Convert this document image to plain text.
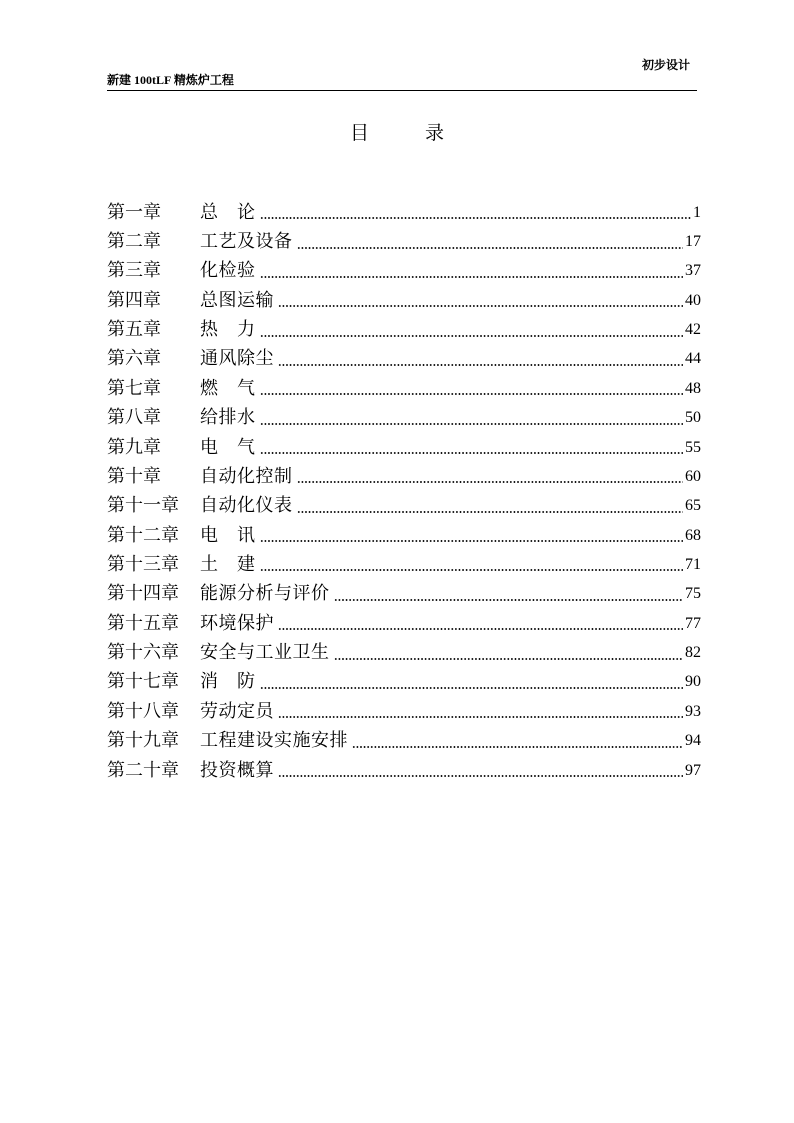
初步设计
新建 100tLF 精炼炉工程
目　　录
第一章	总　论	1
第二章	工艺及设备	17
第三章	化检验	37
第四章	总图运输	40
第五章	热　力	42
第六章	通风除尘	44
第七章	燃　气	48
第八章	给排水	50
第九章	电　气	55
第十章	自动化控制	60
第十一章	自动化仪表	65
第十二章	电　讯	68
第十三章	土　建	71
第十四章	能源分析与评价	75
第十五章	环境保护	77
第十六章	安全与工业卫生	82
第十七章	消　防	90
第十八章	劳动定员	93
第十九章	工程建设实施安排	94
第二十章	投资概算	97
